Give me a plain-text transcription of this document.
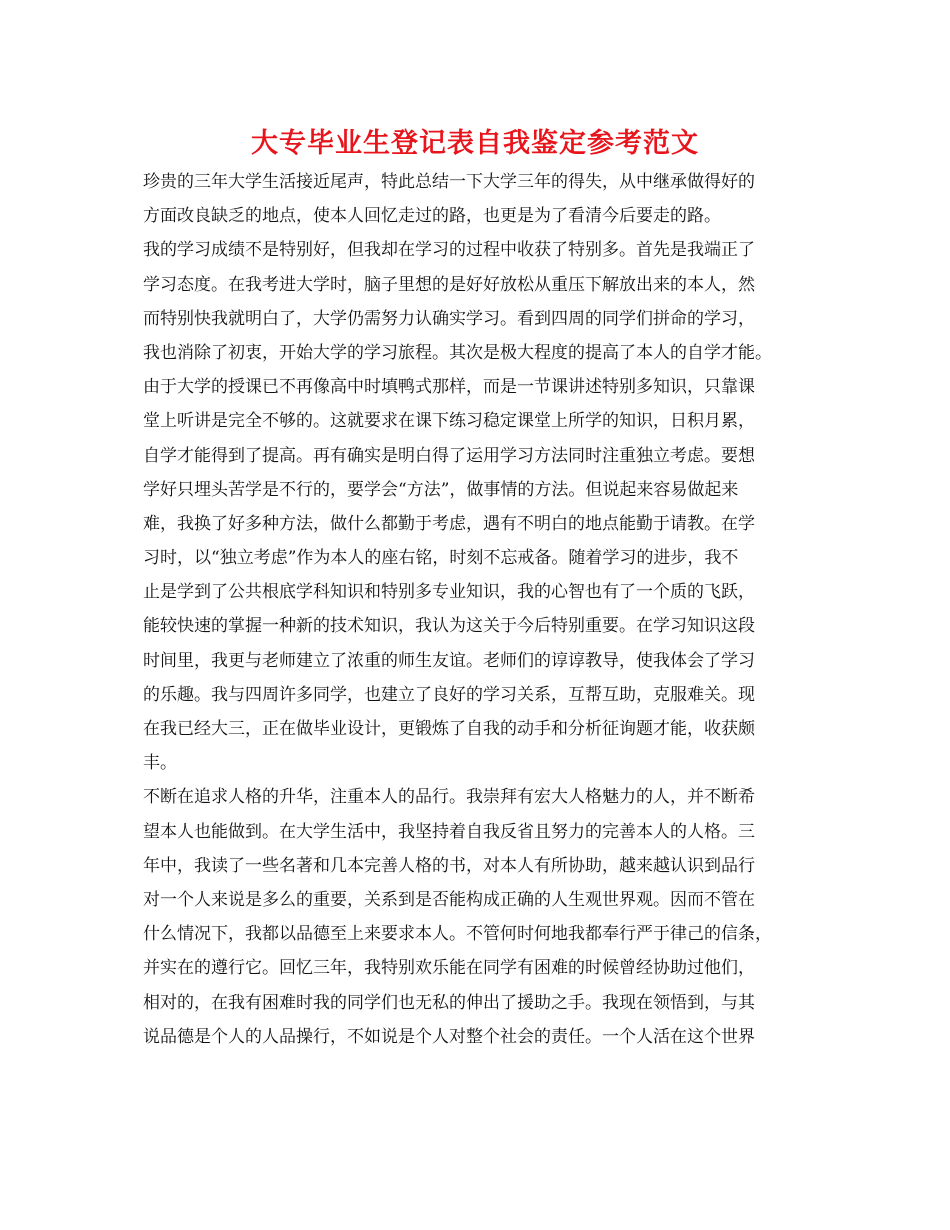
大专毕业生登记表自我鉴定参考范文
珍贵的三年大学生活接近尾声，特此总结一下大学三年的得失，从中继承做得好的
方面改良缺乏的地点，使本人回忆走过的路，也更是为了看清今后要走的路。
我的学习成绩不是特别好，但我却在学习的过程中收获了特别多。首先是我端正了
学习态度。在我考进大学时，脑子里想的是好好放松从重压下解放出来的本人，然
而特别快我就明白了，大学仍需努力认确实学习。看到四周的同学们拼命的学习，
我也消除了初衷，开始大学的学习旅程。其次是极大程度的提高了本人的自学才能。
由于大学的授课已不再像高中时填鸭式那样，而是一节课讲述特别多知识，只靠课
堂上听讲是完全不够的。这就要求在课下练习稳定课堂上所学的知识，日积月累，
自学才能得到了提高。再有确实是明白得了运用学习方法同时注重独立考虑。要想
学好只埋头苦学是不行的，要学会“方法”，做事情的方法。但说起来容易做起来
难，我换了好多种方法，做什么都勤于考虑，遇有不明白的地点能勤于请教。在学
习时，以“独立考虑”作为本人的座右铭，时刻不忘戒备。随着学习的进步，我不
止是学到了公共根底学科知识和特别多专业知识，我的心智也有了一个质的飞跃，
能较快速的掌握一种新的技术知识，我认为这关于今后特别重要。在学习知识这段
时间里，我更与老师建立了浓重的师生友谊。老师们的谆谆教导，使我体会了学习
的乐趣。我与四周许多同学，也建立了良好的学习关系，互帮互助，克服难关。现
在我已经大三，正在做毕业设计，更锻炼了自我的动手和分析征询题才能，收获颇
丰。
不断在追求人格的升华，注重本人的品行。我崇拜有宏大人格魅力的人，并不断希
望本人也能做到。在大学生活中，我坚持着自我反省且努力的完善本人的人格。三
年中，我读了一些名著和几本完善人格的书，对本人有所协助，越来越认识到品行
对一个人来说是多么的重要，关系到是否能构成正确的人生观世界观。因而不管在
什么情况下，我都以品德至上来要求本人。不管何时何地我都奉行严于律己的信条，
并实在的遵行它。回忆三年，我特别欢乐能在同学有困难的时候曾经协助过他们，
相对的，在我有困难时我的同学们也无私的伸出了援助之手。我现在领悟到，与其
说品德是个人的人品操行，不如说是个人对整个社会的责任。一个人活在这个世界
